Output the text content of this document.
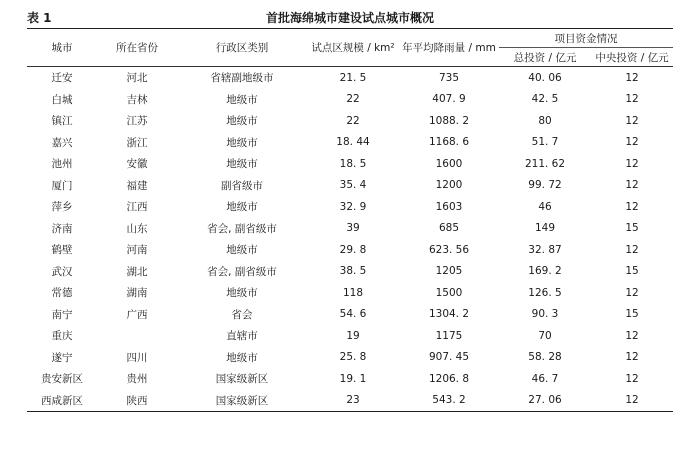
表 1	首批海绵城市建设试点城市概况
城市	所在省份	行政区类别	试点区规模 / km²	年平均降雨量 / mm	项目资金情况	
					总投资 / 亿元	中央投资 / 亿元
迁安	河北	省辖副地级市	21. 5	735	40. 06	12
白城	吉林	地级市	22	407. 9	42. 5	12
镇江	江苏	地级市	22	1088. 2	80	12
嘉兴	浙江	地级市	18. 44	1168. 6	51. 7	12
池州	安徽	地级市	18. 5	1600	211. 62	12
厦门	福建	副省级市	35. 4	1200	99. 72	12
萍乡	江西	地级市	32. 9	1603	46	12
济南	山东	省会, 副省级市	39	685	149	15
鹤壁	河南	地级市	29. 8	623. 56	32. 87	12
武汉	湖北	省会, 副省级市	38. 5	1205	169. 2	15
常德	湖南	地级市	118	1500	126. 5	12
南宁	广西	省会	54. 6	1304. 2	90. 3	15
重庆		直辖市	19	1175	70	12
遂宁	四川	地级市	25. 8	907. 45	58. 28	12
贵安新区	贵州	国家级新区	19. 1	1206. 8	46. 7	12
西咸新区	陕西	国家级新区	23	543. 2	27. 06	12
